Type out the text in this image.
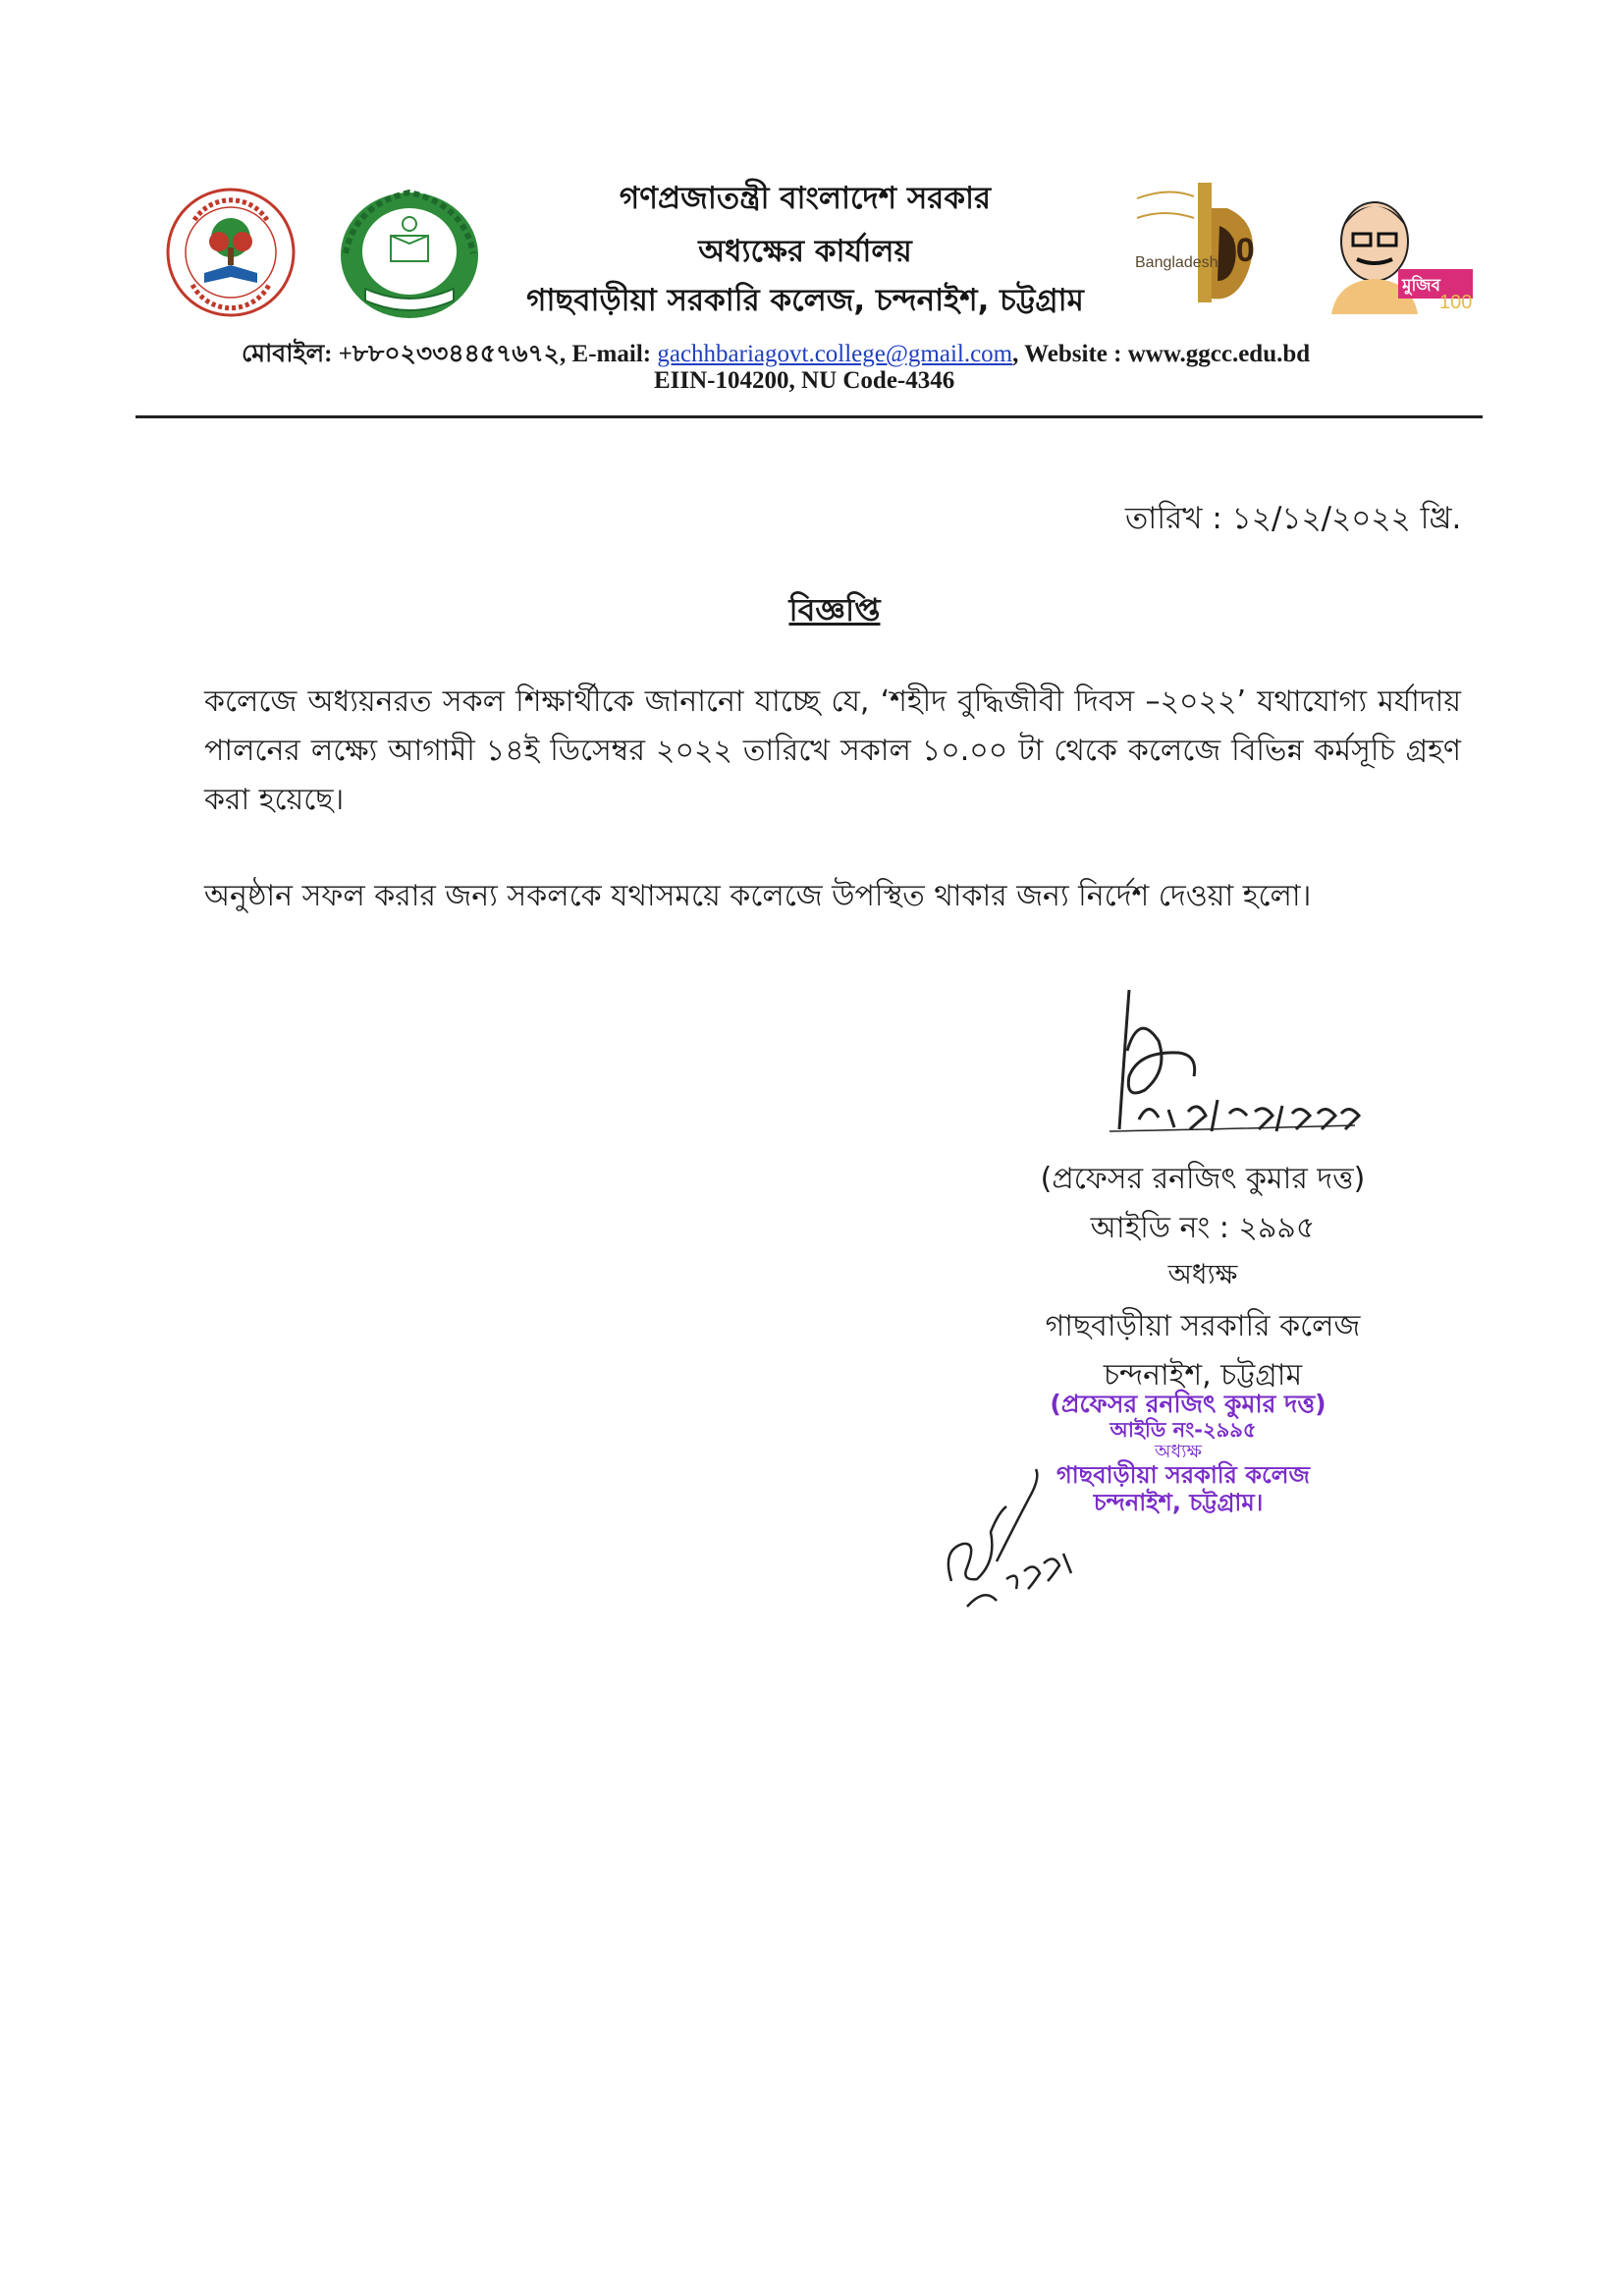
Bangladesh 50
মুজিব
100
গণপ্রজাতন্ত্রী বাংলাদেশ সরকার
অধ্যক্ষের কার্যালয়
গাছবাড়ীয়া সরকারি কলেজ, চন্দনাইশ, চট্টগ্রাম
মোবাইল: +৮৮০২৩৩৪৪৫৭৬৭২, E-mail: gachhbariagovt.college@gmail.com, Website : www.ggcc.edu.bd
EIIN-104200, NU Code-4346
তারিখ : ১২/১২/২০২২ খ্রি.
বিজ্ঞপ্তি
কলেজে অধ্যয়নরত সকল শিক্ষার্থীকে জানানো যাচ্ছে যে, ‘শহীদ বুদ্ধিজীবী দিবস –২০২২’ যথাযোগ্য মর্যাদায় পালনের লক্ষ্যে আগামী ১৪ই ডিসেম্বর ২০২২ তারিখে সকাল ১০.০০ টা থেকে কলেজে বিভিন্ন কর্মসূচি গ্রহণ করা হয়েছে।
অনুষ্ঠান সফল করার জন্য সকলকে যথাসময়ে কলেজে উপস্থিত থাকার জন্য নির্দেশ দেওয়া হলো।
(প্রফেসর রনজিৎ কুমার দত্ত)
আইডি নং : ২৯৯৫
অধ্যক্ষ
গাছবাড়ীয়া সরকারি কলেজ
চন্দনাইশ, চট্টগ্রাম
(প্রফেসর রনজিৎ কুমার দত্ত)
আইডি নং-২৯৯৫
অধ্যক্ষ
গাছবাড়ীয়া সরকারি কলেজ
চন্দনাইশ, চট্টগ্রাম।
